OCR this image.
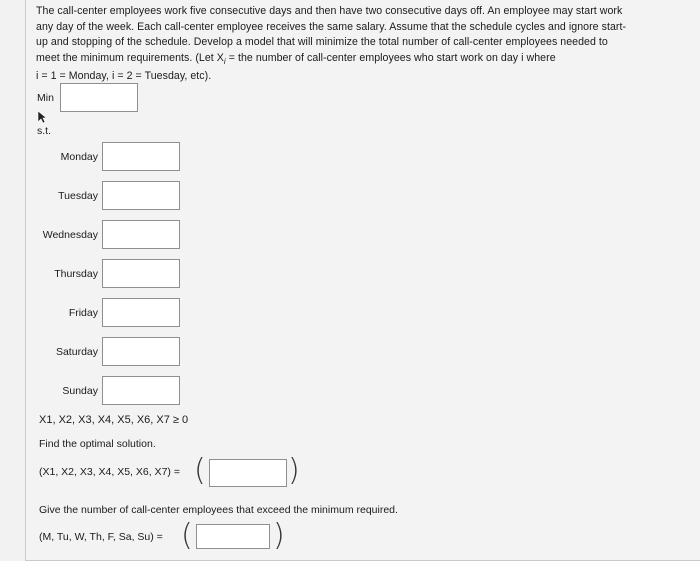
The call-center employees work five consecutive days and then have two consecutive days off. An employee may start work
any day of the week. Each call-center employee receives the same salary. Assume that the schedule cycles and ignore start-
up and stopping of the schedule. Develop a model that will minimize the total number of call-center employees needed to
meet the minimum requirements. (Let $X_i$ = the number of call-center employees who start work on day i where
i = 1 = Monday, i = 2 = Tuesday, etc).
Min
s.t.
Monday
Tuesday
Wednesday
Thursday
Friday
Saturday
Sunday
X1, X2, X3, X4, X5, X6, X7 ≥ 0
Find the optimal solution.
(X1, X2, X3, X4, X5, X6, X7) = (	)
Give the number of call-center employees that exceed the minimum required.
(M, Tu, W, Th, F, Sa, Su) = (	)
